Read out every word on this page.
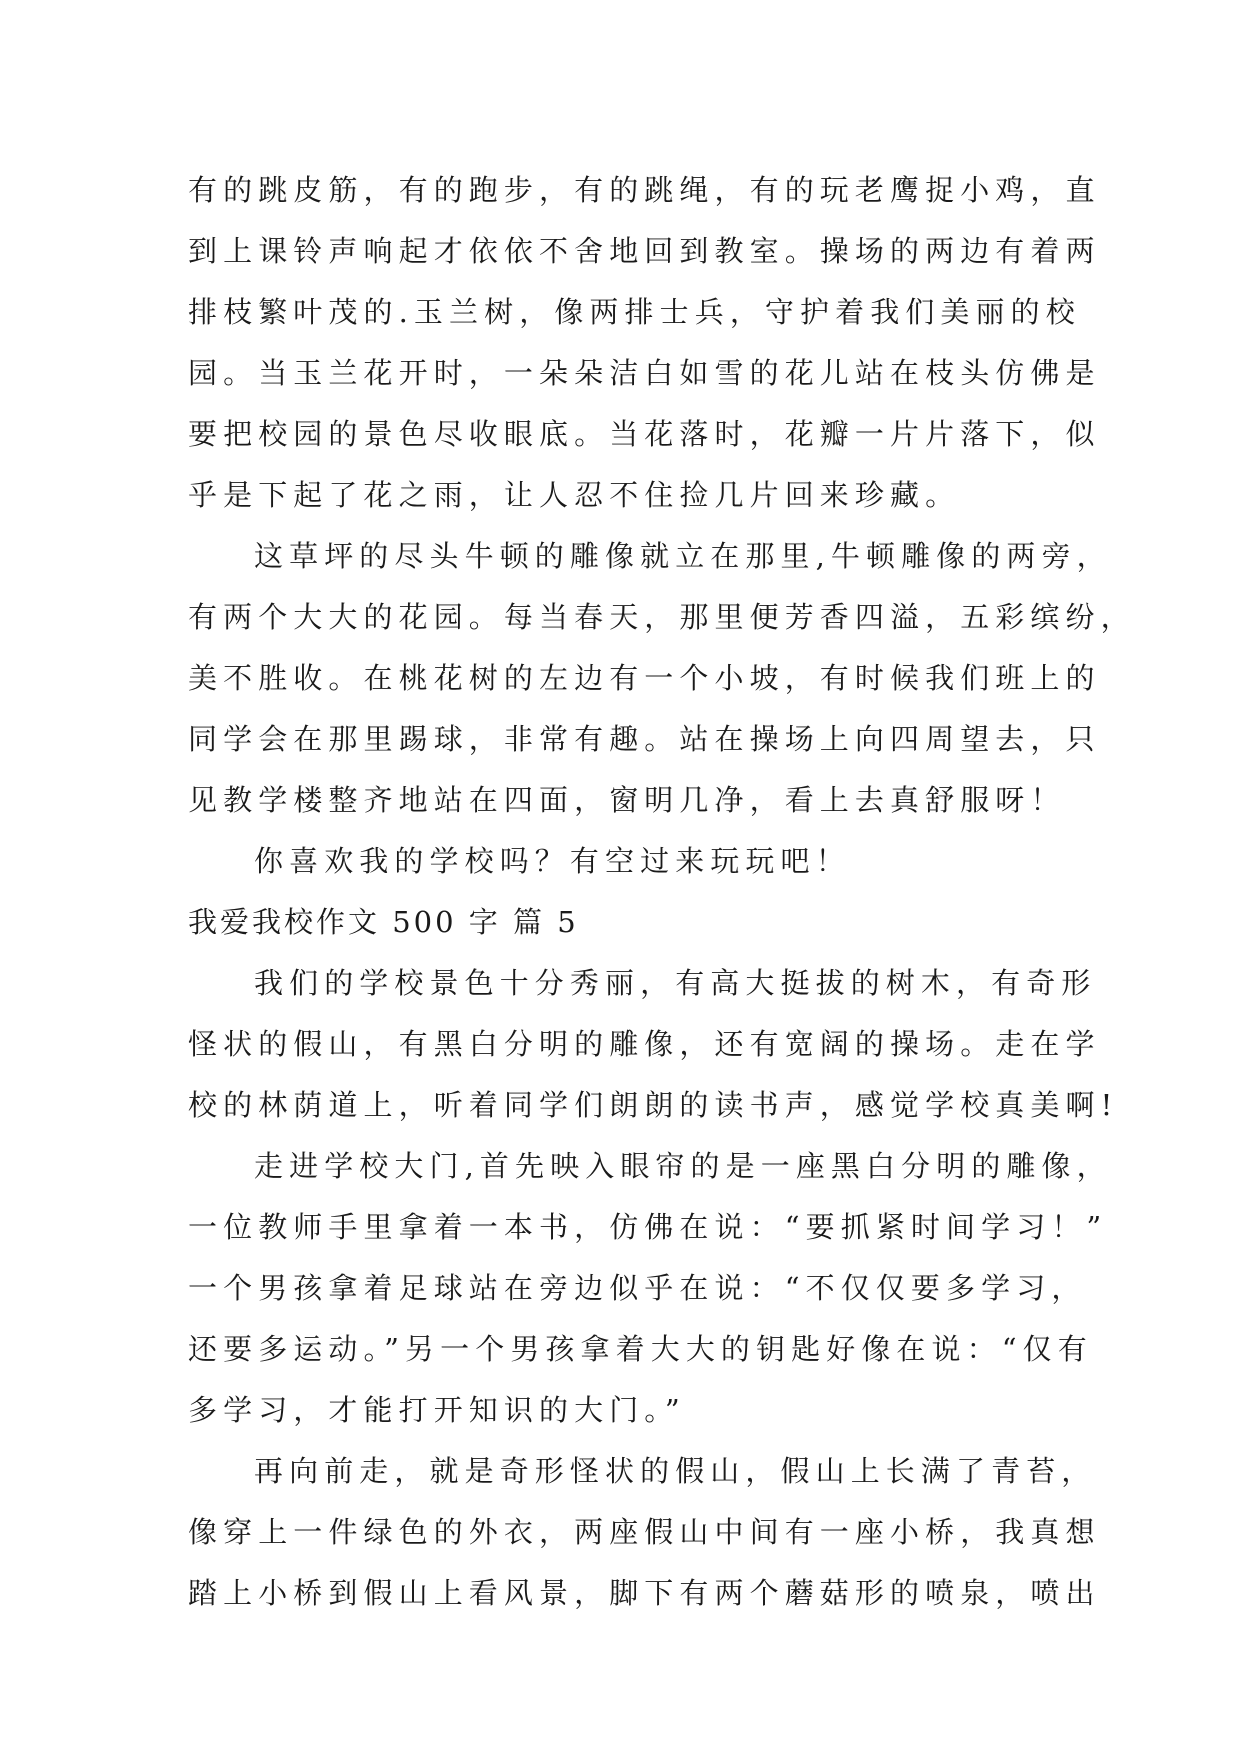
有的跳皮筋，有的跑步，有的跳绳，有的玩老鹰捉小鸡，直
到上课铃声响起才依依不舍地回到教室。操场的两边有着两
排枝繁叶茂的.玉兰树，像两排士兵，守护着我们美丽的校
园。当玉兰花开时，一朵朵洁白如雪的花儿站在枝头仿佛是
要把校园的景色尽收眼底。当花落时，花瓣一片片落下，似
乎是下起了花之雨，让人忍不住捡几片回来珍藏。
这草坪的尽头牛顿的雕像就立在那里,牛顿雕像的两旁，
有两个大大的花园。每当春天，那里便芳香四溢，五彩缤纷，
美不胜收。在桃花树的左边有一个小坡，有时候我们班上的
同学会在那里踢球，非常有趣。站在操场上向四周望去，只
见教学楼整齐地站在四面，窗明几净，看上去真舒服呀！
你喜欢我的学校吗？有空过来玩玩吧！
我爱我校作文 500 字 篇 5
我们的学校景色十分秀丽，有高大挺拔的树木，有奇形
怪状的假山，有黑白分明的雕像，还有宽阔的操场。走在学
校的林荫道上，听着同学们朗朗的读书声，感觉学校真美啊!
走进学校大门,首先映入眼帘的是一座黑白分明的雕像，
一位教师手里拿着一本书，仿佛在说：“要抓紧时间学习！”
一个男孩拿着足球站在旁边似乎在说：“不仅仅要多学习，
还要多运动。”另一个男孩拿着大大的钥匙好像在说：“仅有
多学习，才能打开知识的大门。”
再向前走，就是奇形怪状的假山，假山上长满了青苔，
像穿上一件绿色的外衣，两座假山中间有一座小桥，我真想
踏上小桥到假山上看风景，脚下有两个蘑菇形的喷泉，喷出
